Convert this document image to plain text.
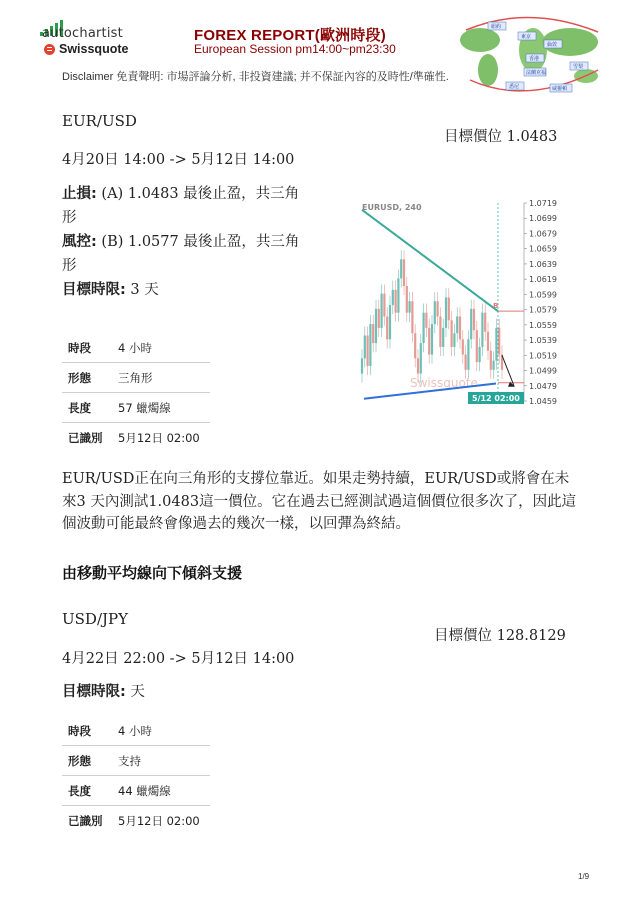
autochartist
Swissquote
FOREX REPORT(歐洲時段)
European Session pm14:00~pm23:30
紐約
東京
倫敦
香港
雪梨
法蘭克福
悉尼	威靈頓
Disclaimer 免責聲明: 市場評論分析, 非投資建議; 并不保証內容的及時性/準確性.
EUR/USD
目標價位 1.0483
4月20日 14:00 -> 5月12日 14:00
止損: (A) 1.0483 最後止盈，共三角
形
風控: (B) 1.0577 最後止盈，共三角
形
目標時限: 3 天
時段	4 小時
形態	三角形
長度	57 蠟燭線
已識別	5月12日 02:00
1.0719
1.0699
1.0679
1.0659
1.0639
1.0619
1.0599
1.0579
1.0559
1.0539
1.0519
1.0499
1.0479
1.0459
EURUSD, 240
Swissquote
B
5/12 02:00
EUR/USD正在向三角形的支撐位靠近。如果走勢持續，EUR/USD或將會在未來3 天內測試1.0483這一價位。它在過去已經測試過這個價位很多次了，因此這個波動可能最終會像過去的幾次一樣，以回彈為終結。
由移動平均線向下傾斜支援
USD/JPY
目標價位 128.8129
4月22日 22:00 -> 5月12日 14:00
目標時限: 天
時段	4 小時
形態	支持
長度	44 蠟燭線
已識別	5月12日 02:00
1/9
